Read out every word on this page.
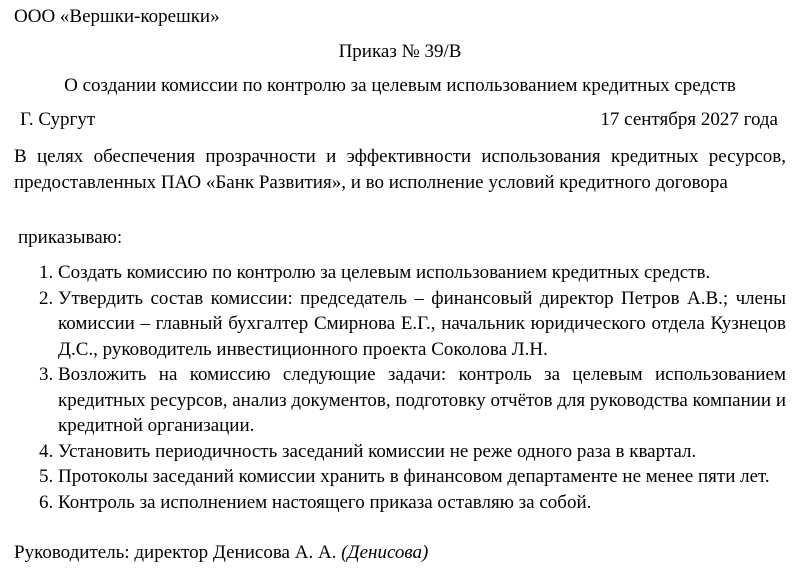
ООО «Вершки-корешки»
Приказ № 39/В
О создании комиссии по контролю за целевым использованием кредитных средств
Г. Сургут	17 сентября 2027 года
В целях обеспечения прозрачности и эффективности использования кредитных ресурсов, предоставленных ПАО «Банк Развития», и во исполнение условий кредитного договора
приказываю:
1. Создать комиссию по контролю за целевым использованием кредитных средств.
2. Утвердить состав комиссии: председатель – финансовый директор Петров А.В.; члены комиссии – главный бухгалтер Смирнова Е.Г., начальник юридического отдела Кузнецов Д.С., руководитель инвестиционного проекта Соколова Л.Н.
3. Возложить на комиссию следующие задачи: контроль за целевым использованием кредитных ресурсов, анализ документов, подготовку отчётов для руководства компании и кредитной организации.
4. Установить периодичность заседаний комиссии не реже одного раза в квартал.
5. Протоколы заседаний комиссии хранить в финансовом департаменте не менее пяти лет.
6. Контроль за исполнением настоящего приказа оставляю за собой.
Руководитель: директор Денисова А. А. (Денисова)
